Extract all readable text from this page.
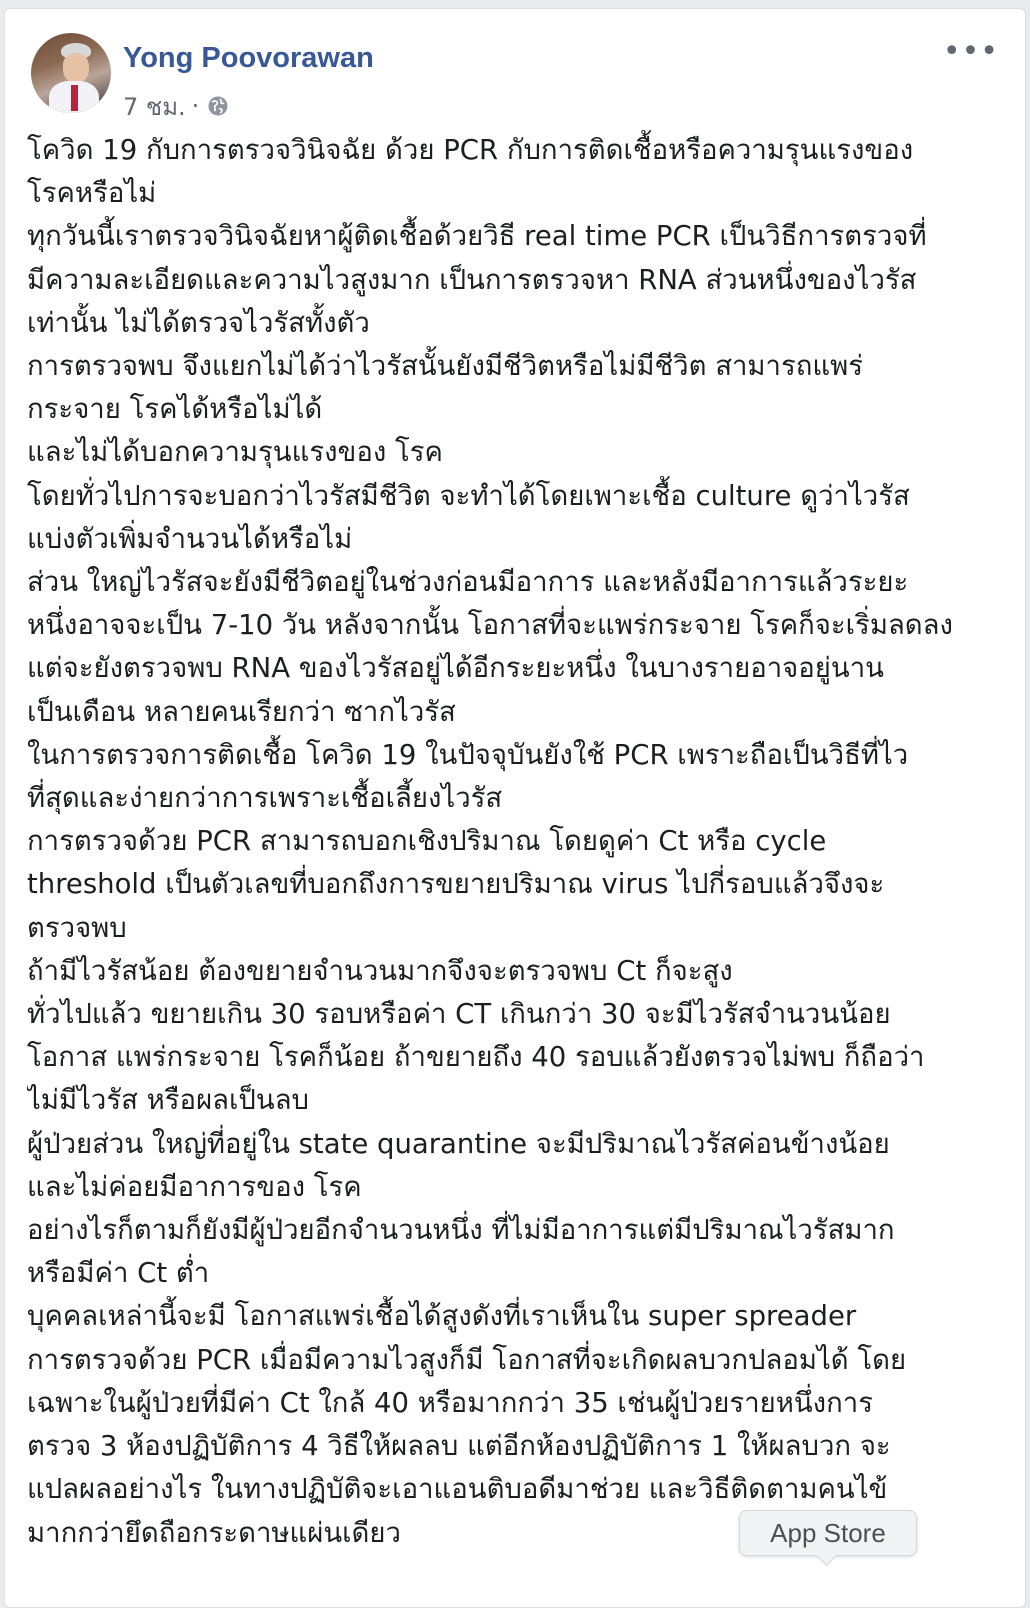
Yong Poovorawan
7 ชม. ·
•••
โควิด 19 กับการตรวจวินิจฉัย ด้วย PCR กับการติดเชื้อหรือความรุนแรงของ
โรคหรือไม่
ทุกวันนี้เราตรวจวินิจฉัยหาผู้ติดเชื้อด้วยวิธี real time PCR เป็นวิธีการตรวจที่
มีความละเอียดและความไวสูงมาก เป็นการตรวจหา RNA ส่วนหนึ่งของไวรัส
เท่านั้น ไม่ได้ตรวจไวรัสทั้งตัว
การตรวจพบ จึงแยกไม่ได้ว่าไวรัสนั้นยังมีชีวิตหรือไม่มีชีวิต สามารถแพร่
กระจาย โรคได้หรือไม่ได้
และไม่ได้บอกความรุนแรงของ โรค
โดยทั่วไปการจะบอกว่าไวรัสมีชีวิต จะทำได้โดยเพาะเชื้อ culture ดูว่าไวรัส
แบ่งตัวเพิ่มจำนวนได้หรือไม่
ส่วน ใหญ่ไวรัสจะยังมีชีวิตอยู่ในช่วงก่อนมีอาการ และหลังมีอาการแล้วระยะ
หนึ่งอาจจะเป็น 7-10 วัน หลังจากนั้น โอกาสที่จะแพร่กระจาย โรคก็จะเริ่มลดลง
แต่จะยังตรวจพบ RNA ของไวรัสอยู่ได้อีกระยะหนึ่ง ในบางรายอาจอยู่นาน
เป็นเดือน หลายคนเรียกว่า ซากไวรัส
ในการตรวจการติดเชื้อ โควิด 19 ในปัจจุบันยังใช้ PCR เพราะถือเป็นวิธีที่ไว
ที่สุดและง่ายกว่าการเพราะเชื้อเลี้ยงไวรัส
การตรวจด้วย PCR สามารถบอกเชิงปริมาณ โดยดูค่า Ct หรือ cycle
threshold เป็นตัวเลขที่บอกถึงการขยายปริมาณ virus ไปกี่รอบแล้วจึงจะ
ตรวจพบ
ถ้ามีไวรัสน้อย ต้องขยายจำนวนมากจึงจะตรวจพบ Ct ก็จะสูง
ทั่วไปแล้ว ขยายเกิน 30 รอบหรือค่า CT เกินกว่า 30 จะมีไวรัสจำนวนน้อย
โอกาส แพร่กระจาย โรคก็น้อย ถ้าขยายถึง 40 รอบแล้วยังตรวจไม่พบ ก็ถือว่า
ไม่มีไวรัส หรือผลเป็นลบ
ผู้ป่วยส่วน ใหญ่ที่อยู่ใน state quarantine จะมีปริมาณไวรัสค่อนข้างน้อย
และไม่ค่อยมีอาการของ โรค
อย่างไรก็ตามก็ยังมีผู้ป่วยอีกจำนวนหนึ่ง ที่ไม่มีอาการแต่มีปริมาณไวรัสมาก
หรือมีค่า Ct ต่ำ
บุคคลเหล่านี้จะมี โอกาสแพร่เชื้อได้สูงดังที่เราเห็นใน super spreader
การตรวจด้วย PCR เมื่อมีความไวสูงก็มี โอกาสที่จะเกิดผลบวกปลอมได้ โดย
เฉพาะในผู้ป่วยที่มีค่า Ct ใกล้ 40 หรือมากกว่า 35 เช่นผู้ป่วยรายหนึ่งการ
ตรวจ 3 ห้องปฏิบัติการ 4 วิธีให้ผลลบ แต่อีกห้องปฏิบัติการ 1 ให้ผลบวก จะ
แปลผลอย่างไร ในทางปฏิบัติจะเอาแอนติบอดีมาช่วย และวิธีติดตามคนไข้
มากกว่ายึดถือกระดาษแผ่นเดียว	App Store
